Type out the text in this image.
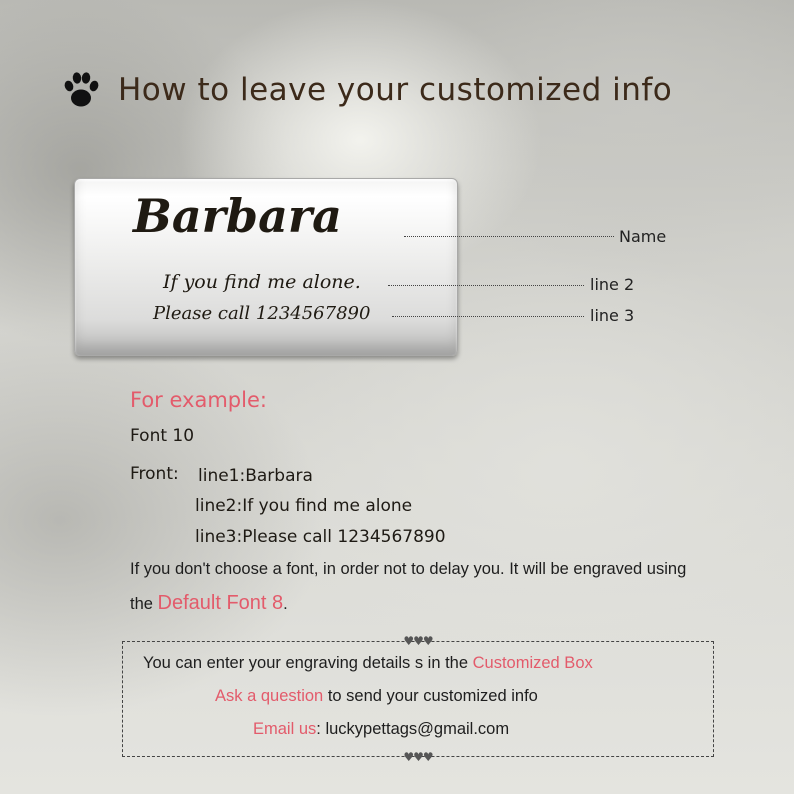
How to leave your customized info
Barbara
If you find me alone.
Please call 1234567890
Name
line 2
line 3
For example:
Font 10
Front: line1:Barbara
line2:If you find me alone
line3:Please call 1234567890
If you don't choose a font, in order not to delay you. It will be engraved using
the Default Font 8.
♥♥♥
You can enter your engraving details s in the Customized Box
Ask a question to send your customized info
Email us: luckypettags@gmail.com
♥♥♥
